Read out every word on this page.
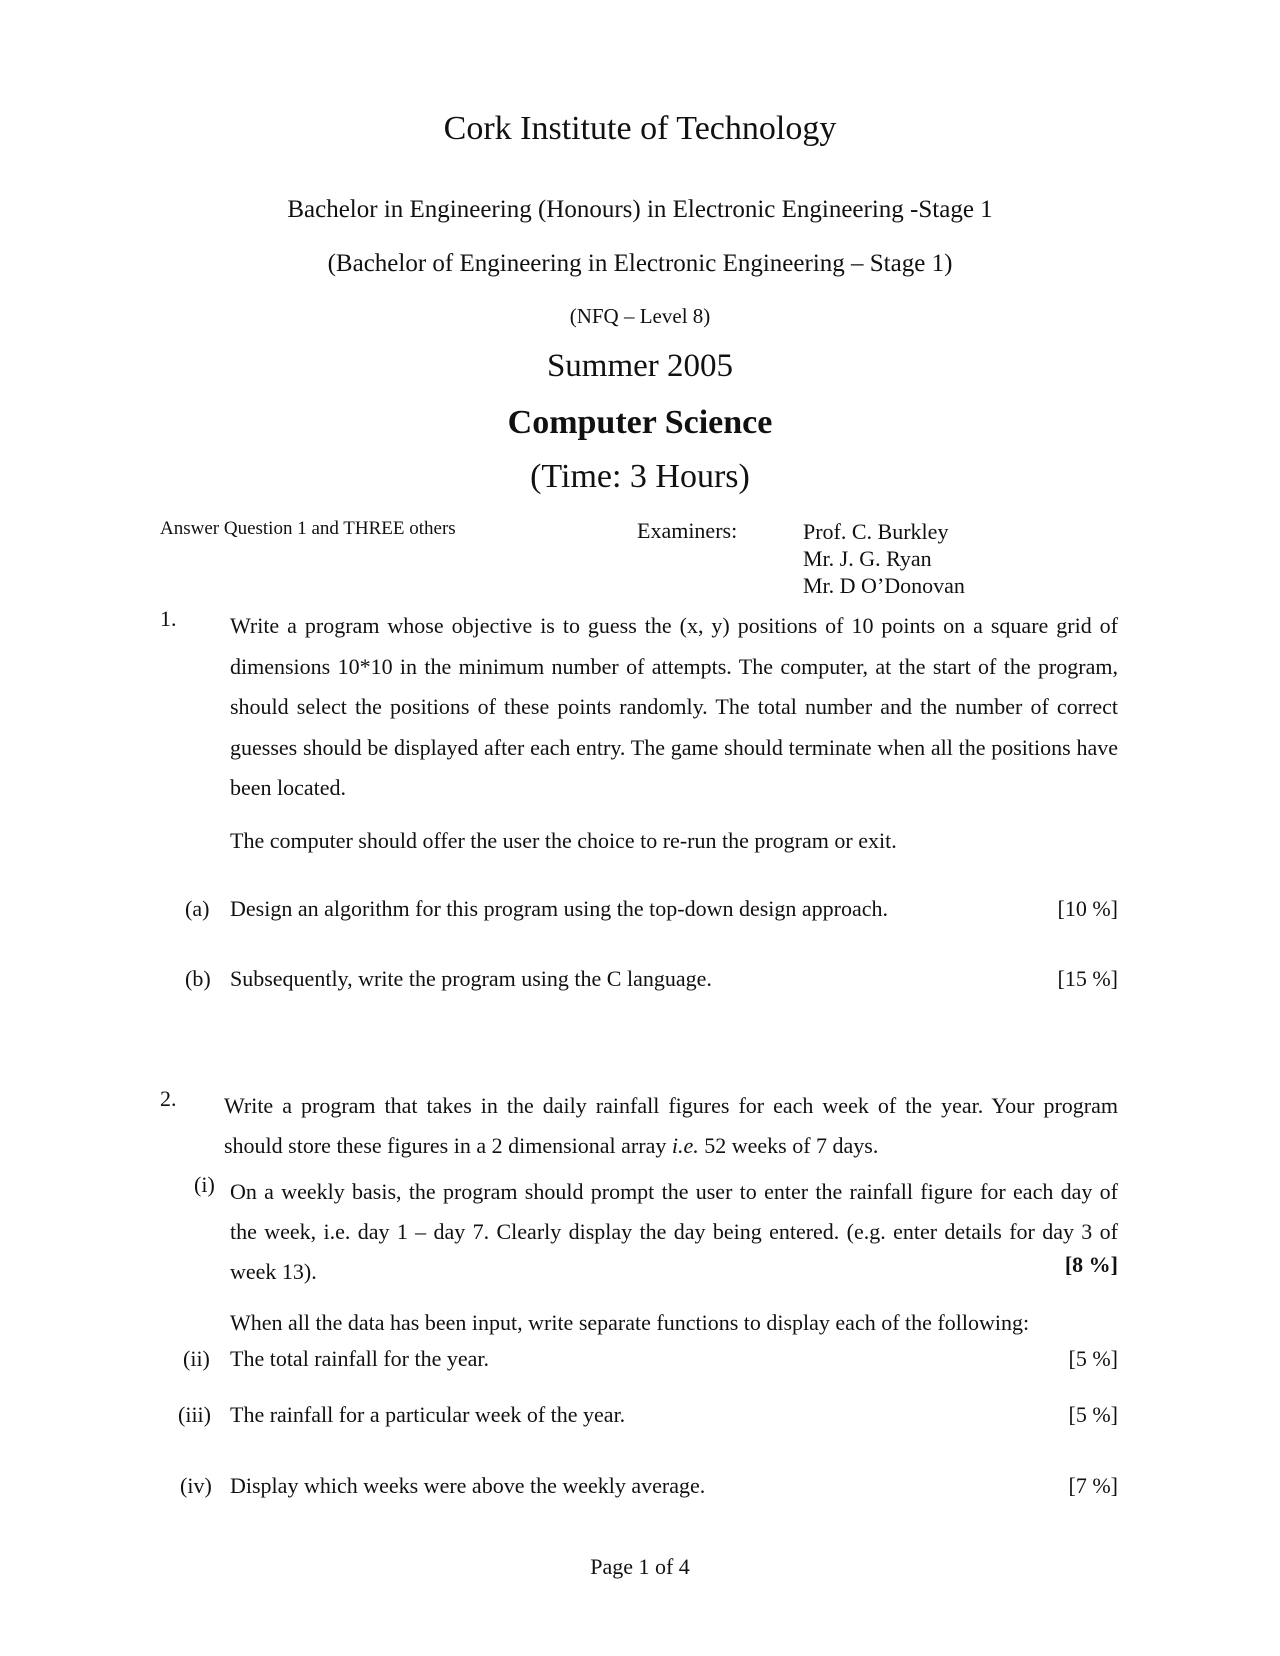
Cork Institute of Technology
Bachelor in Engineering (Honours) in Electronic Engineering -Stage 1
(Bachelor of Engineering in Electronic Engineering – Stage 1)
(NFQ – Level 8)
Summer 2005
Computer Science
(Time: 3 Hours)
Answer Question 1 and THREE others	Examiners:	Prof. C. Burkley
Mr. J. G. Ryan
Mr. D O’Donovan
1. Write a program whose objective is to guess the (x, y) positions of 10 points on a square grid of dimensions 10*10 in the minimum number of attempts. The computer, at the start of the program, should select the positions of these points randomly. The total number and the number of correct guesses should be displayed after each entry. The game should terminate when all the positions have been located.
The computer should offer the user the choice to re-run the program or exit.
(a) Design an algorithm for this program using the top-down design approach.	[10 %]
(b) Subsequently, write the program using the C language.	[15 %]
2. Write a program that takes in the daily rainfall figures for each week of the year. Your program should store these figures in a 2 dimensional array i.e. 52 weeks of 7 days.
(i) On a weekly basis, the program should prompt the user to enter the rainfall figure for each day of the week, i.e. day 1 – day 7. Clearly display the day being entered. (e.g. enter details for day 3 of week 13).	[8 %]
When all the data has been input, write separate functions to display each of the following:
(ii) The total rainfall for the year.	[5 %]
(iii) The rainfall for a particular week of the year.	[5 %]
(iv) Display which weeks were above the weekly average.	[7 %]
Page 1 of 4
